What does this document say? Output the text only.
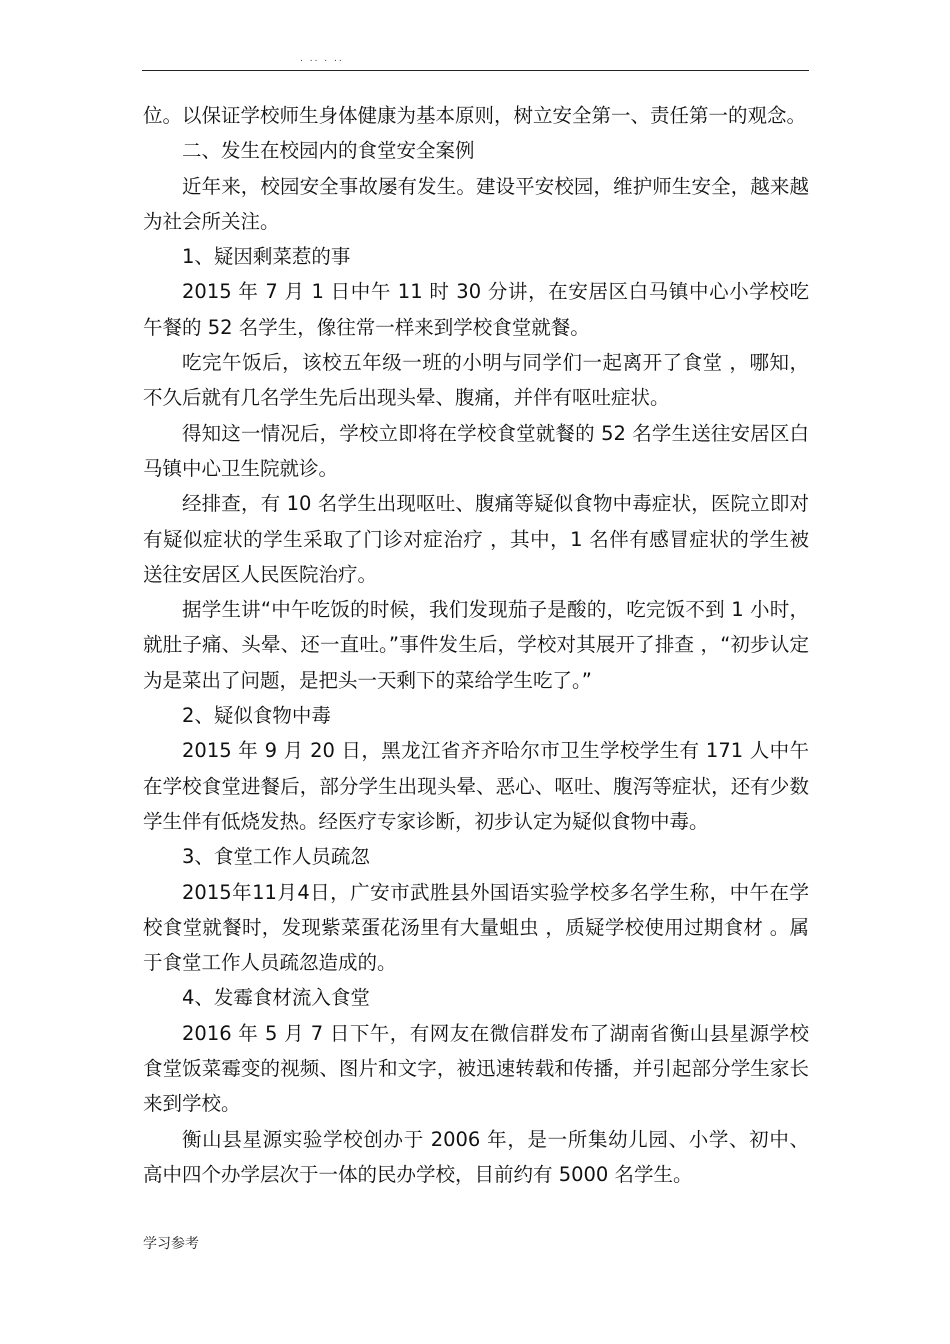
. .. . ..

位。以保证学校师生身体健康为基本原则，树立安全第一、责任第一的观念。

二、发生在校园内的食堂安全案例

近年来，校园安全事故屡有发生。建设平安校园，维护师生安全，越来越为社会所关注。

1、疑因剩菜惹的事

2015 年 7 月 1 日中午 11 时 30 分讲，在安居区白马镇中心小学校吃午餐的 52 名学生，像往常一样来到学校食堂就餐。

吃完午饭后，该校五年级一班的小明与同学们一起离开了食堂 ，哪知，不久后就有几名学生先后出现头晕、腹痛，并伴有呕吐症状。

得知这一情况后，学校立即将在学校食堂就餐的 52 名学生送往安居区白马镇中心卫生院就诊。

经排查，有 10 名学生出现呕吐、腹痛等疑似食物中毒症状，医院立即对有疑似症状的学生采取了门诊对症治疗 ，其中，1 名伴有感冒症状的学生被送往安居区人民医院治疗。

据学生讲“中午吃饭的时候，我们发现茄子是酸的，吃完饭不到 1 小时，就肚子痛、头晕、还一直吐。”事件发生后，学校对其展开了排查 ，“初步认定为是菜出了问题，是把头一天剩下的菜给学生吃了。”

2、疑似食物中毒

2015 年 9 月 20 日，黑龙江省齐齐哈尔市卫生学校学生有 171 人中午在学校食堂进餐后，部分学生出现头晕、恶心、呕吐、腹泻等症状，还有少数学生伴有低烧发热。经医疗专家诊断，初步认定为疑似食物中毒。

3、食堂工作人员疏忽

2015年11月4日，广安市武胜县外国语实验学校多名学生称，中午在学校食堂就餐时，发现紫菜蛋花汤里有大量蛆虫 ，质疑学校使用过期食材 。属于食堂工作人员疏忽造成的。

4、发霉食材流入食堂

2016 年 5 月 7 日下午，有网友在微信群发布了湖南省衡山县星源学校食堂饭菜霉变的视频、图片和文字，被迅速转载和传播，并引起部分学生家长来到学校。

衡山县星源实验学校创办于 2006 年，是一所集幼儿园、小学、初中、高中四个办学层次于一体的民办学校，目前约有 5000 名学生。

学习参考
